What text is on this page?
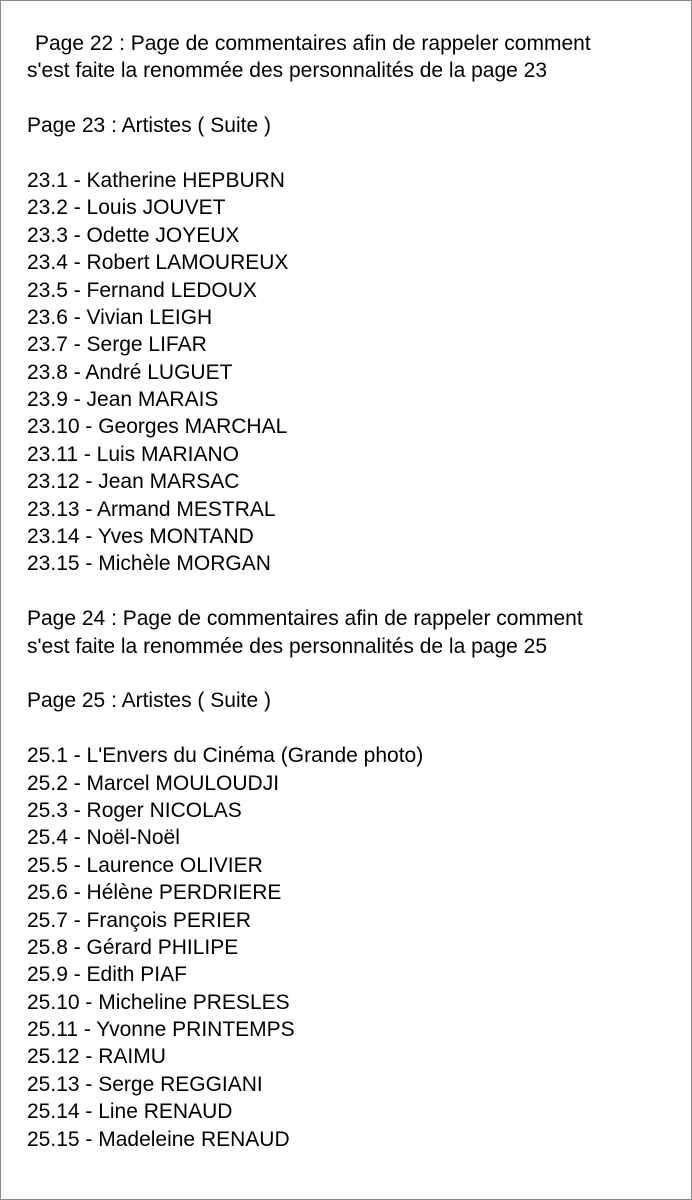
Page 22 : Page de commentaires afin de rappeler comment
s'est faite la renommée des personnalités de la page 23
Page 23 : Artistes ( Suite )
23.1 - Katherine HEPBURN
23.2 - Louis JOUVET
23.3 - Odette JOYEUX
23.4 - Robert LAMOUREUX
23.5 - Fernand LEDOUX
23.6 - Vivian LEIGH
23.7 - Serge LIFAR
23.8 - André LUGUET
23.9 - Jean MARAIS
23.10 - Georges MARCHAL
23.11 - Luis MARIANO
23.12 - Jean MARSAC
23.13 - Armand MESTRAL
23.14 - Yves MONTAND
23.15 - Michèle MORGAN
Page 24 : Page de commentaires afin de rappeler comment
s'est faite la renommée des personnalités de la page 25
Page 25 : Artistes ( Suite )
25.1 - L'Envers du Cinéma (Grande photo)
25.2 - Marcel MOULOUDJI
25.3 - Roger NICOLAS
25.4 - Noël-Noël
25.5 - Laurence OLIVIER
25.6 - Hélène PERDRIERE
25.7 - François PERIER
25.8 - Gérard PHILIPE
25.9 - Edith PIAF
25.10 - Micheline PRESLES
25.11 - Yvonne PRINTEMPS
25.12 - RAIMU
25.13 - Serge REGGIANI
25.14 - Line RENAUD
25.15 - Madeleine RENAUD
